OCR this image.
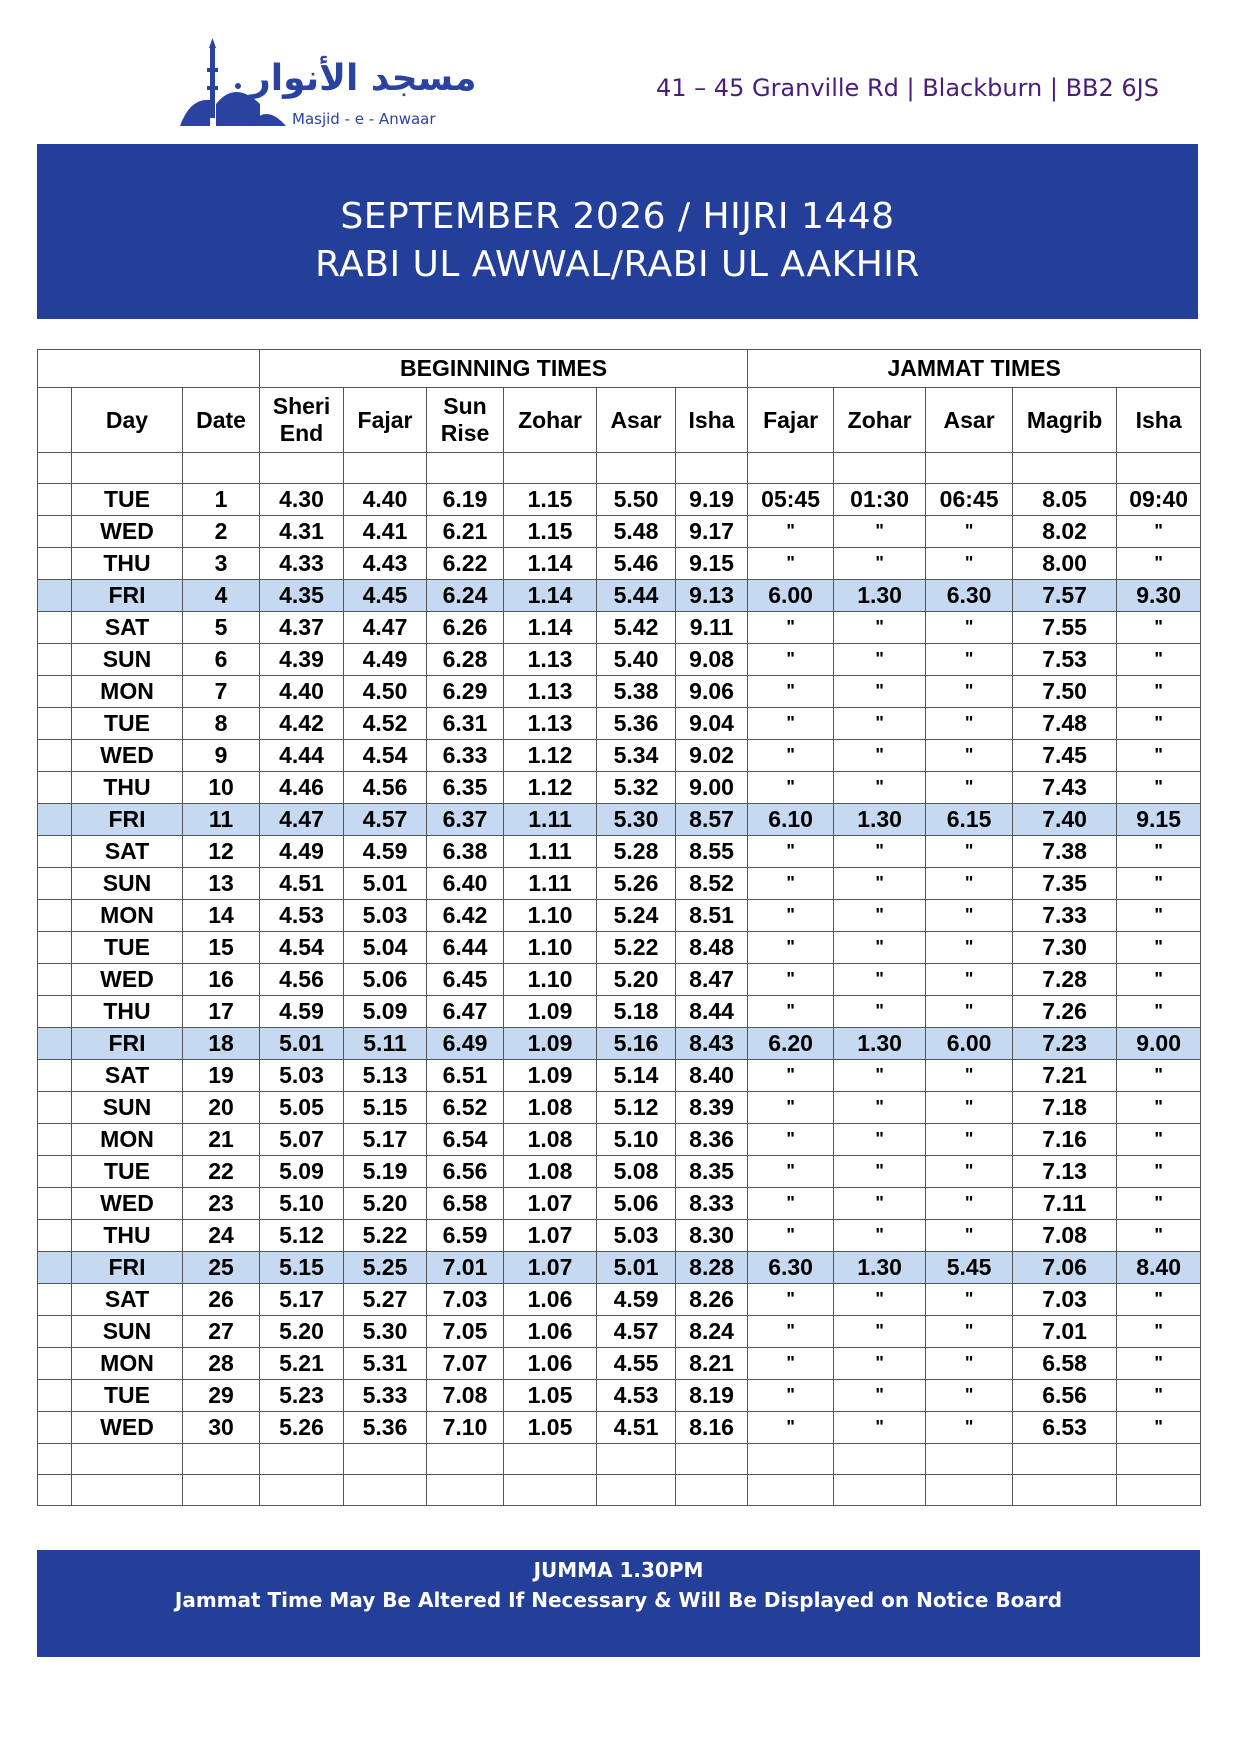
مسجد الأنوار
Masjid - e - Anwaar
41 – 45 Granville Rd | Blackburn | BB2 6JS
SEPTEMBER 2026 / HIJRI 1448
RABI UL AWWAL/RABI UL AAKHIR
			BEGINNING TIMES						JAMMAT TIMES				
	Day	Date	Sheri End	Fajar	Sun Rise	Zohar	Asar	Isha	Fajar	Zohar	Asar	Magrib	Isha

	TUE	1	4.30	4.40	6.19	1.15	5.50	9.19	05:45	01:30	06:45	8.05	09:40
	WED	2	4.31	4.41	6.21	1.15	5.48	9.17	"	"	"	8.02	"
	THU	3	4.33	4.43	6.22	1.14	5.46	9.15	"	"	"	8.00	"
	FRI	4	4.35	4.45	6.24	1.14	5.44	9.13	6.00	1.30	6.30	7.57	9.30
	SAT	5	4.37	4.47	6.26	1.14	5.42	9.11	"	"	"	7.55	"
	SUN	6	4.39	4.49	6.28	1.13	5.40	9.08	"	"	"	7.53	"
	MON	7	4.40	4.50	6.29	1.13	5.38	9.06	"	"	"	7.50	"
	TUE	8	4.42	4.52	6.31	1.13	5.36	9.04	"	"	"	7.48	"
	WED	9	4.44	4.54	6.33	1.12	5.34	9.02	"	"	"	7.45	"
	THU	10	4.46	4.56	6.35	1.12	5.32	9.00	"	"	"	7.43	"
	FRI	11	4.47	4.57	6.37	1.11	5.30	8.57	6.10	1.30	6.15	7.40	9.15
	SAT	12	4.49	4.59	6.38	1.11	5.28	8.55	"	"	"	7.38	"
	SUN	13	4.51	5.01	6.40	1.11	5.26	8.52	"	"	"	7.35	"
	MON	14	4.53	5.03	6.42	1.10	5.24	8.51	"	"	"	7.33	"
	TUE	15	4.54	5.04	6.44	1.10	5.22	8.48	"	"	"	7.30	"
	WED	16	4.56	5.06	6.45	1.10	5.20	8.47	"	"	"	7.28	"
	THU	17	4.59	5.09	6.47	1.09	5.18	8.44	"	"	"	7.26	"
	FRI	18	5.01	5.11	6.49	1.09	5.16	8.43	6.20	1.30	6.00	7.23	9.00
	SAT	19	5.03	5.13	6.51	1.09	5.14	8.40	"	"	"	7.21	"
	SUN	20	5.05	5.15	6.52	1.08	5.12	8.39	"	"	"	7.18	"
	MON	21	5.07	5.17	6.54	1.08	5.10	8.36	"	"	"	7.16	"
	TUE	22	5.09	5.19	6.56	1.08	5.08	8.35	"	"	"	7.13	"
	WED	23	5.10	5.20	6.58	1.07	5.06	8.33	"	"	"	7.11	"
	THU	24	5.12	5.22	6.59	1.07	5.03	8.30	"	"	"	7.08	"
	FRI	25	5.15	5.25	7.01	1.07	5.01	8.28	6.30	1.30	5.45	7.06	8.40
	SAT	26	5.17	5.27	7.03	1.06	4.59	8.26	"	"	"	7.03	"
	SUN	27	5.20	5.30	7.05	1.06	4.57	8.24	"	"	"	7.01	"
	MON	28	5.21	5.31	7.07	1.06	4.55	8.21	"	"	"	6.58	"
	TUE	29	5.23	5.33	7.08	1.05	4.53	8.19	"	"	"	6.56	"
	WED	30	5.26	5.36	7.10	1.05	4.51	8.16	"	"	"	6.53	"

JUMMA 1.30PM
Jammat Time May Be Altered If Necessary & Will Be Displayed on Notice Board
